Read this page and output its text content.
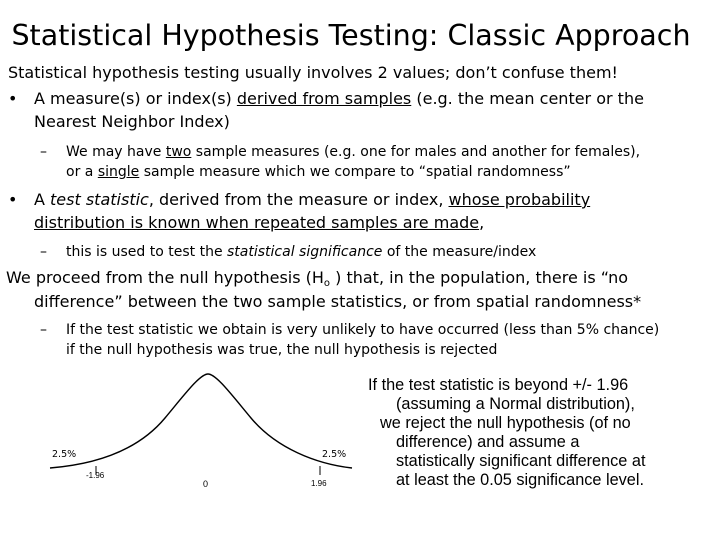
Statistical Hypothesis Testing: Classic Approach
Statistical hypothesis testing usually involves 2 values; don’t confuse them!
• A measure(s) or index(s) derived from samples (e.g. the mean center or the
Nearest Neighbor Index)
– We may have two sample measures (e.g. one for males and another for females),
or a single sample measure which we compare to “spatial randomness”
• A test statistic, derived from the measure or index, whose probability
distribution is known when repeated samples are made,
– this is used to test the statistical significance of the measure/index
We proceed from the null hypothesis (Ho ) that, in the population, there is “no
difference” between the two sample statistics, or from spatial randomness*
– If the test statistic we obtain is very unlikely to have occurred (less than 5% chance)
if the null hypothesis was true, the null hypothesis is rejected
2.5%	2.5%
-1.96
0	1.96
If the test statistic is beyond +/- 1.96
(assuming a Normal distribution),
we reject the null hypothesis (of no
difference) and assume a
statistically significant difference at
at least the 0.05 significance level.
